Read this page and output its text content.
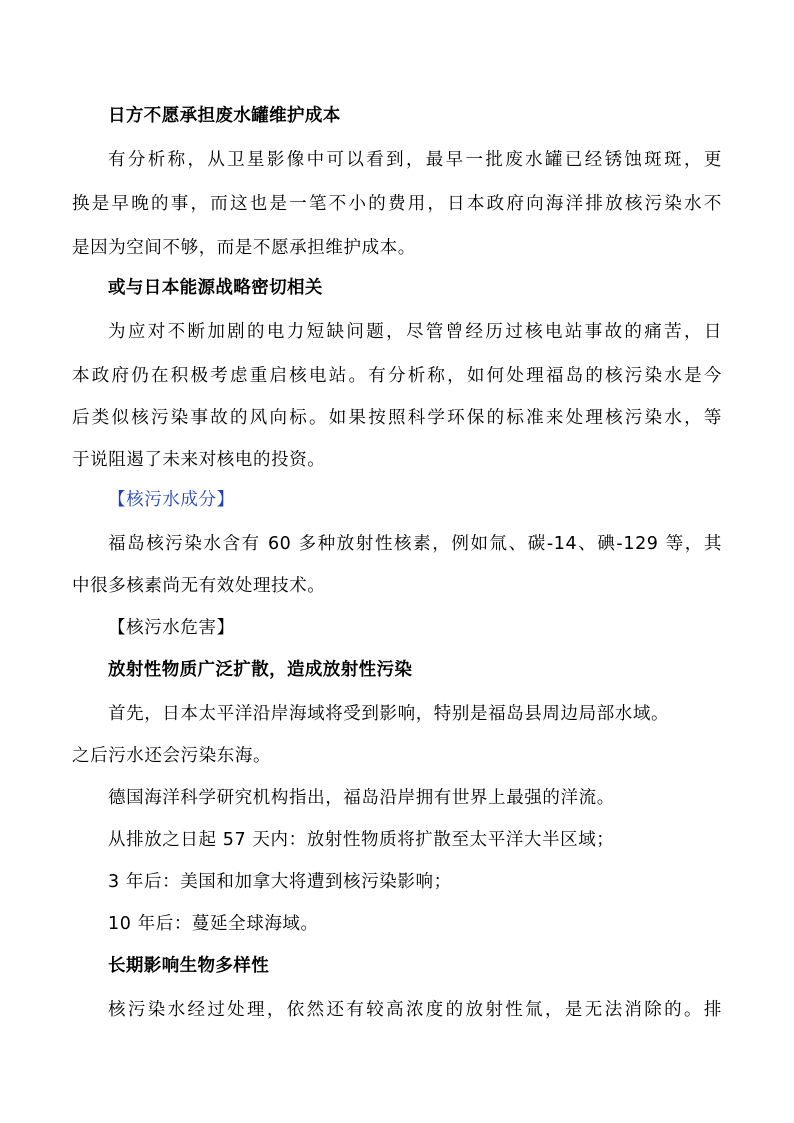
日方不愿承担废水罐维护成本
有分析称，从卫星影像中可以看到，最早一批废水罐已经锈蚀斑斑，更
换是早晚的事，而这也是一笔不小的费用，日本政府向海洋排放核污染水不
是因为空间不够，而是不愿承担维护成本。
或与日本能源战略密切相关
为应对不断加剧的电力短缺问题，尽管曾经历过核电站事故的痛苦，日
本政府仍在积极考虑重启核电站。有分析称，如何处理福岛的核污染水是今
后类似核污染事故的风向标。如果按照科学环保的标准来处理核污染水，等
于说阻遏了未来对核电的投资。
【核污水成分】
福岛核污染水含有 60 多种放射性核素，例如氚、碳-14、碘-129 等，其
中很多核素尚无有效处理技术。
【核污水危害】
放射性物质广泛扩散，造成放射性污染
首先，日本太平洋沿岸海域将受到影响，特别是福岛县周边局部水域。
之后污水还会污染东海。
德国海洋科学研究机构指出，福岛沿岸拥有世界上最强的洋流。
从排放之日起 57 天内：放射性物质将扩散至太平洋大半区域；
3 年后：美国和加拿大将遭到核污染影响；
10 年后：蔓延全球海域。
长期影响生物多样性
核污染水经过处理，依然还有较高浓度的放射性氚，是无法消除的。排
